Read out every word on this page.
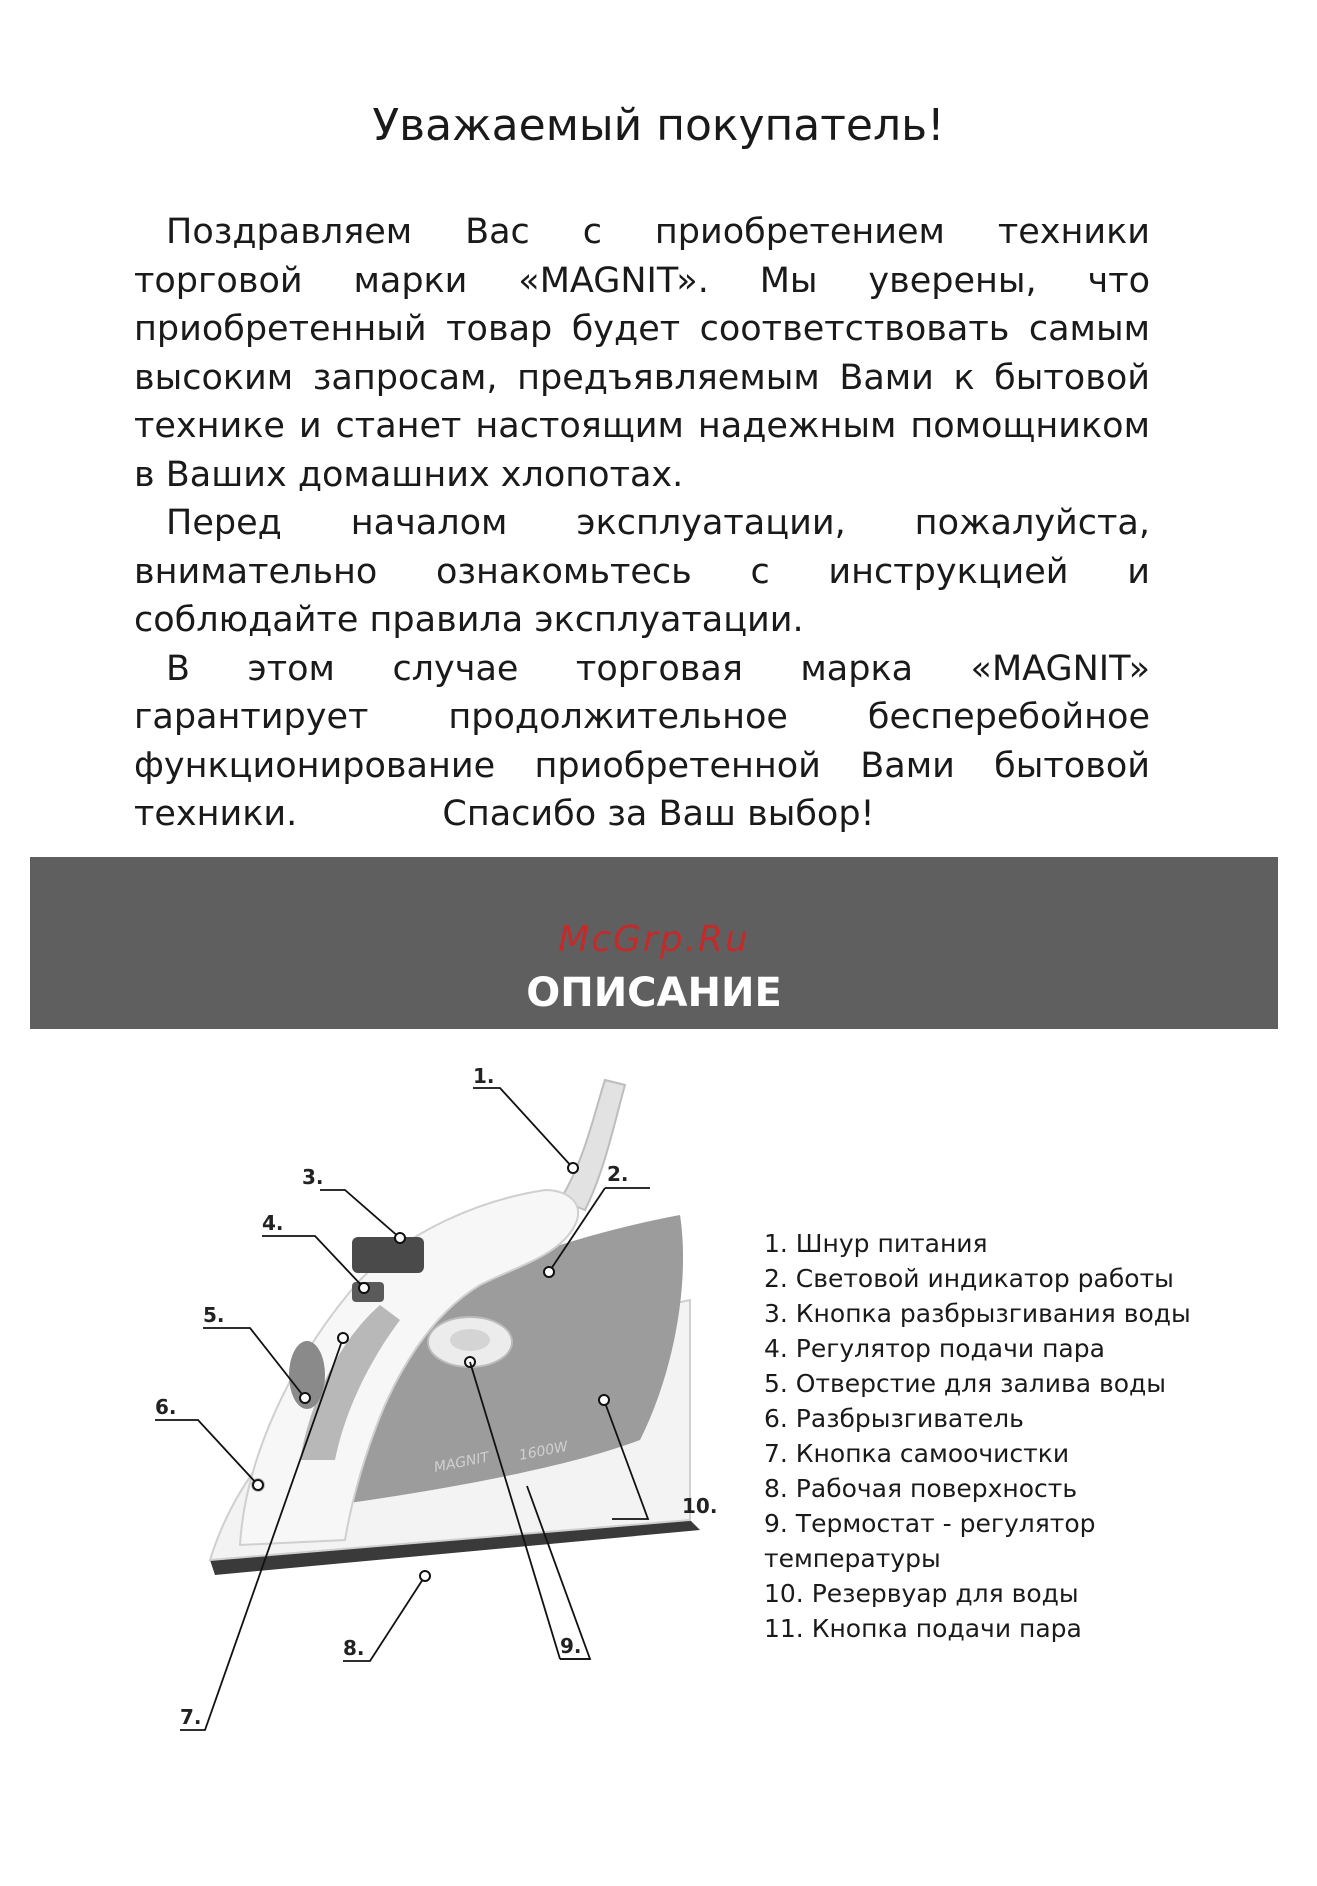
Уважаемый покупатель!

Поздравляем Вас с приобретением техники торговой марки «MAGNIT». Мы уверены, что приобретенный товар будет соответствовать самым высоким запросам, предъявляемым Вами к бытовой технике и станет настоящим надежным помощником в Ваших домашних хлопотах.

Перед началом эксплуатации, пожалуйста, внимательно ознакомьтесь с инструкцией и соблюдайте правила эксплуатации.

В этом случае торговая марка «MAGNIT» гарантирует продолжительное бесперебойное функционирование приобретенной Вами бытовой техники.	Спасибо за Ваш выбор!
McGrp.Ru
ОПИСАНИЕ
MAGNIT 1600W
1.
2.
3.
4.
5.
6.
7.
8.	9.
10.
1. Шнур питания
2. Световой индикатор работы
3. Кнопка разбрызгивания воды
4. Регулятор подачи пара
5. Отверстие для залива воды
6. Разбрызгиватель
7. Кнопка самоочистки
8. Рабочая поверхность
9. Термостат - регулятор
температуры
10. Резервуар для воды
11. Кнопка подачи пара
